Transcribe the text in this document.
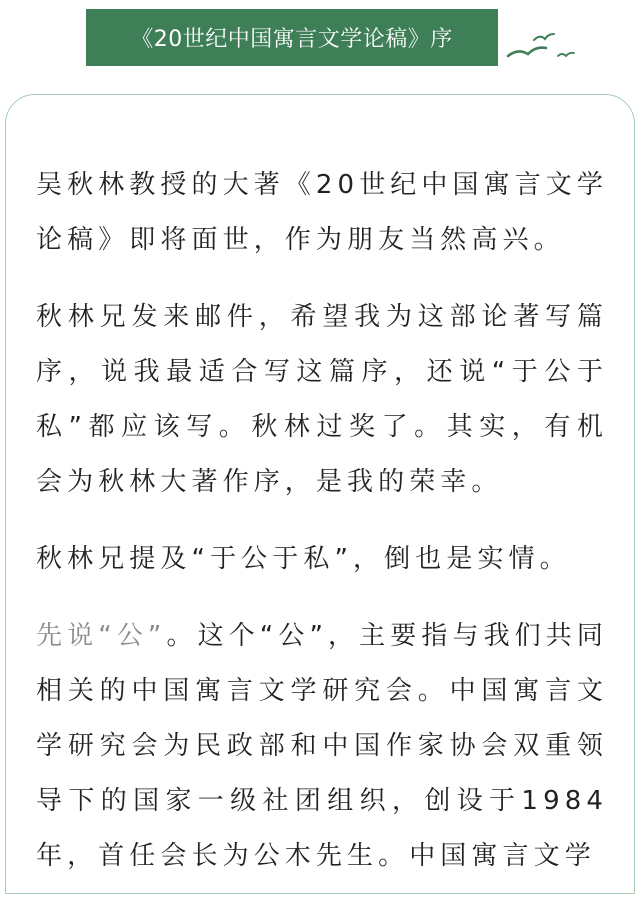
《20世纪中国寓言文学论稿》序

吴秋林教授的大著《20世纪中国寓言文学论稿》即将面世，作为朋友当然高兴。

秋林兄发来邮件，希望我为这部论著写篇序，说我最适合写这篇序，还说“于公于私”都应该写。秋林过奖了。其实，有机会为秋林大著作序，是我的荣幸。

秋林兄提及“于公于私”，倒也是实情。

先说“公”。这个“公”，主要指与我们共同相关的中国寓言文学研究会。中国寓言文学研究会为民政部和中国作家协会双重领导下的国家一级社团组织，创设于1984年，首任会长为公木先生。中国寓言文学
